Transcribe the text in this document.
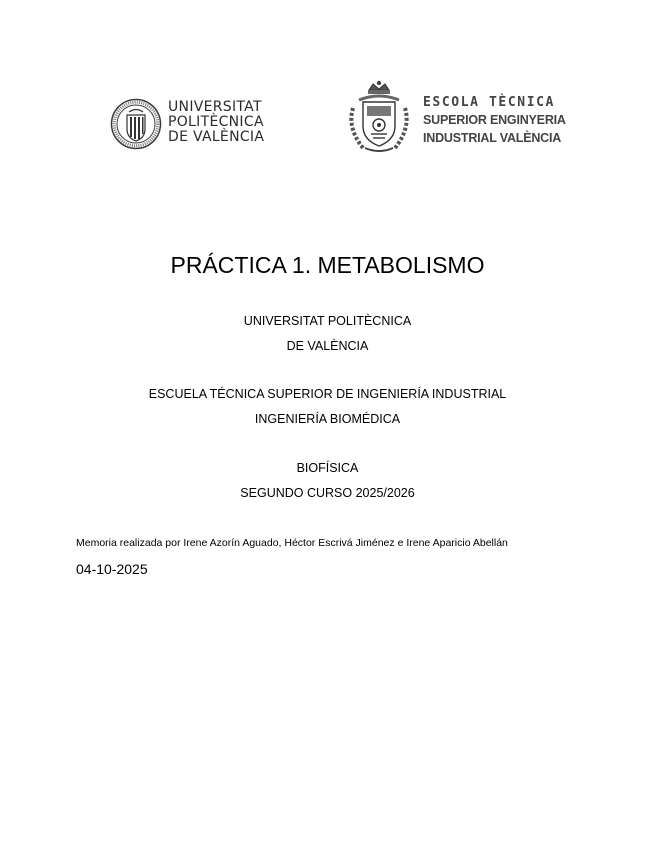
UNIVERSITAT
POLITÈCNICA
DE VALÈNCIA
ESCOLA TÈCNICA
SUPERIOR ENGINYERIA
INDUSTRIAL VALÈNCIA
PRÁCTICA 1. METABOLISMO
UNIVERSITAT POLITÈCNICA
DE VALÈNCIA
ESCUELA TÉCNICA SUPERIOR DE INGENIERÍA INDUSTRIAL
INGENIERÍA BIOMÉDICA
BIOFÍSICA
SEGUNDO CURSO 2025/2026
Memoria realizada por Irene Azorín Aguado, Héctor Escrivá Jiménez e Irene Aparicio Abellán
04-10-2025
